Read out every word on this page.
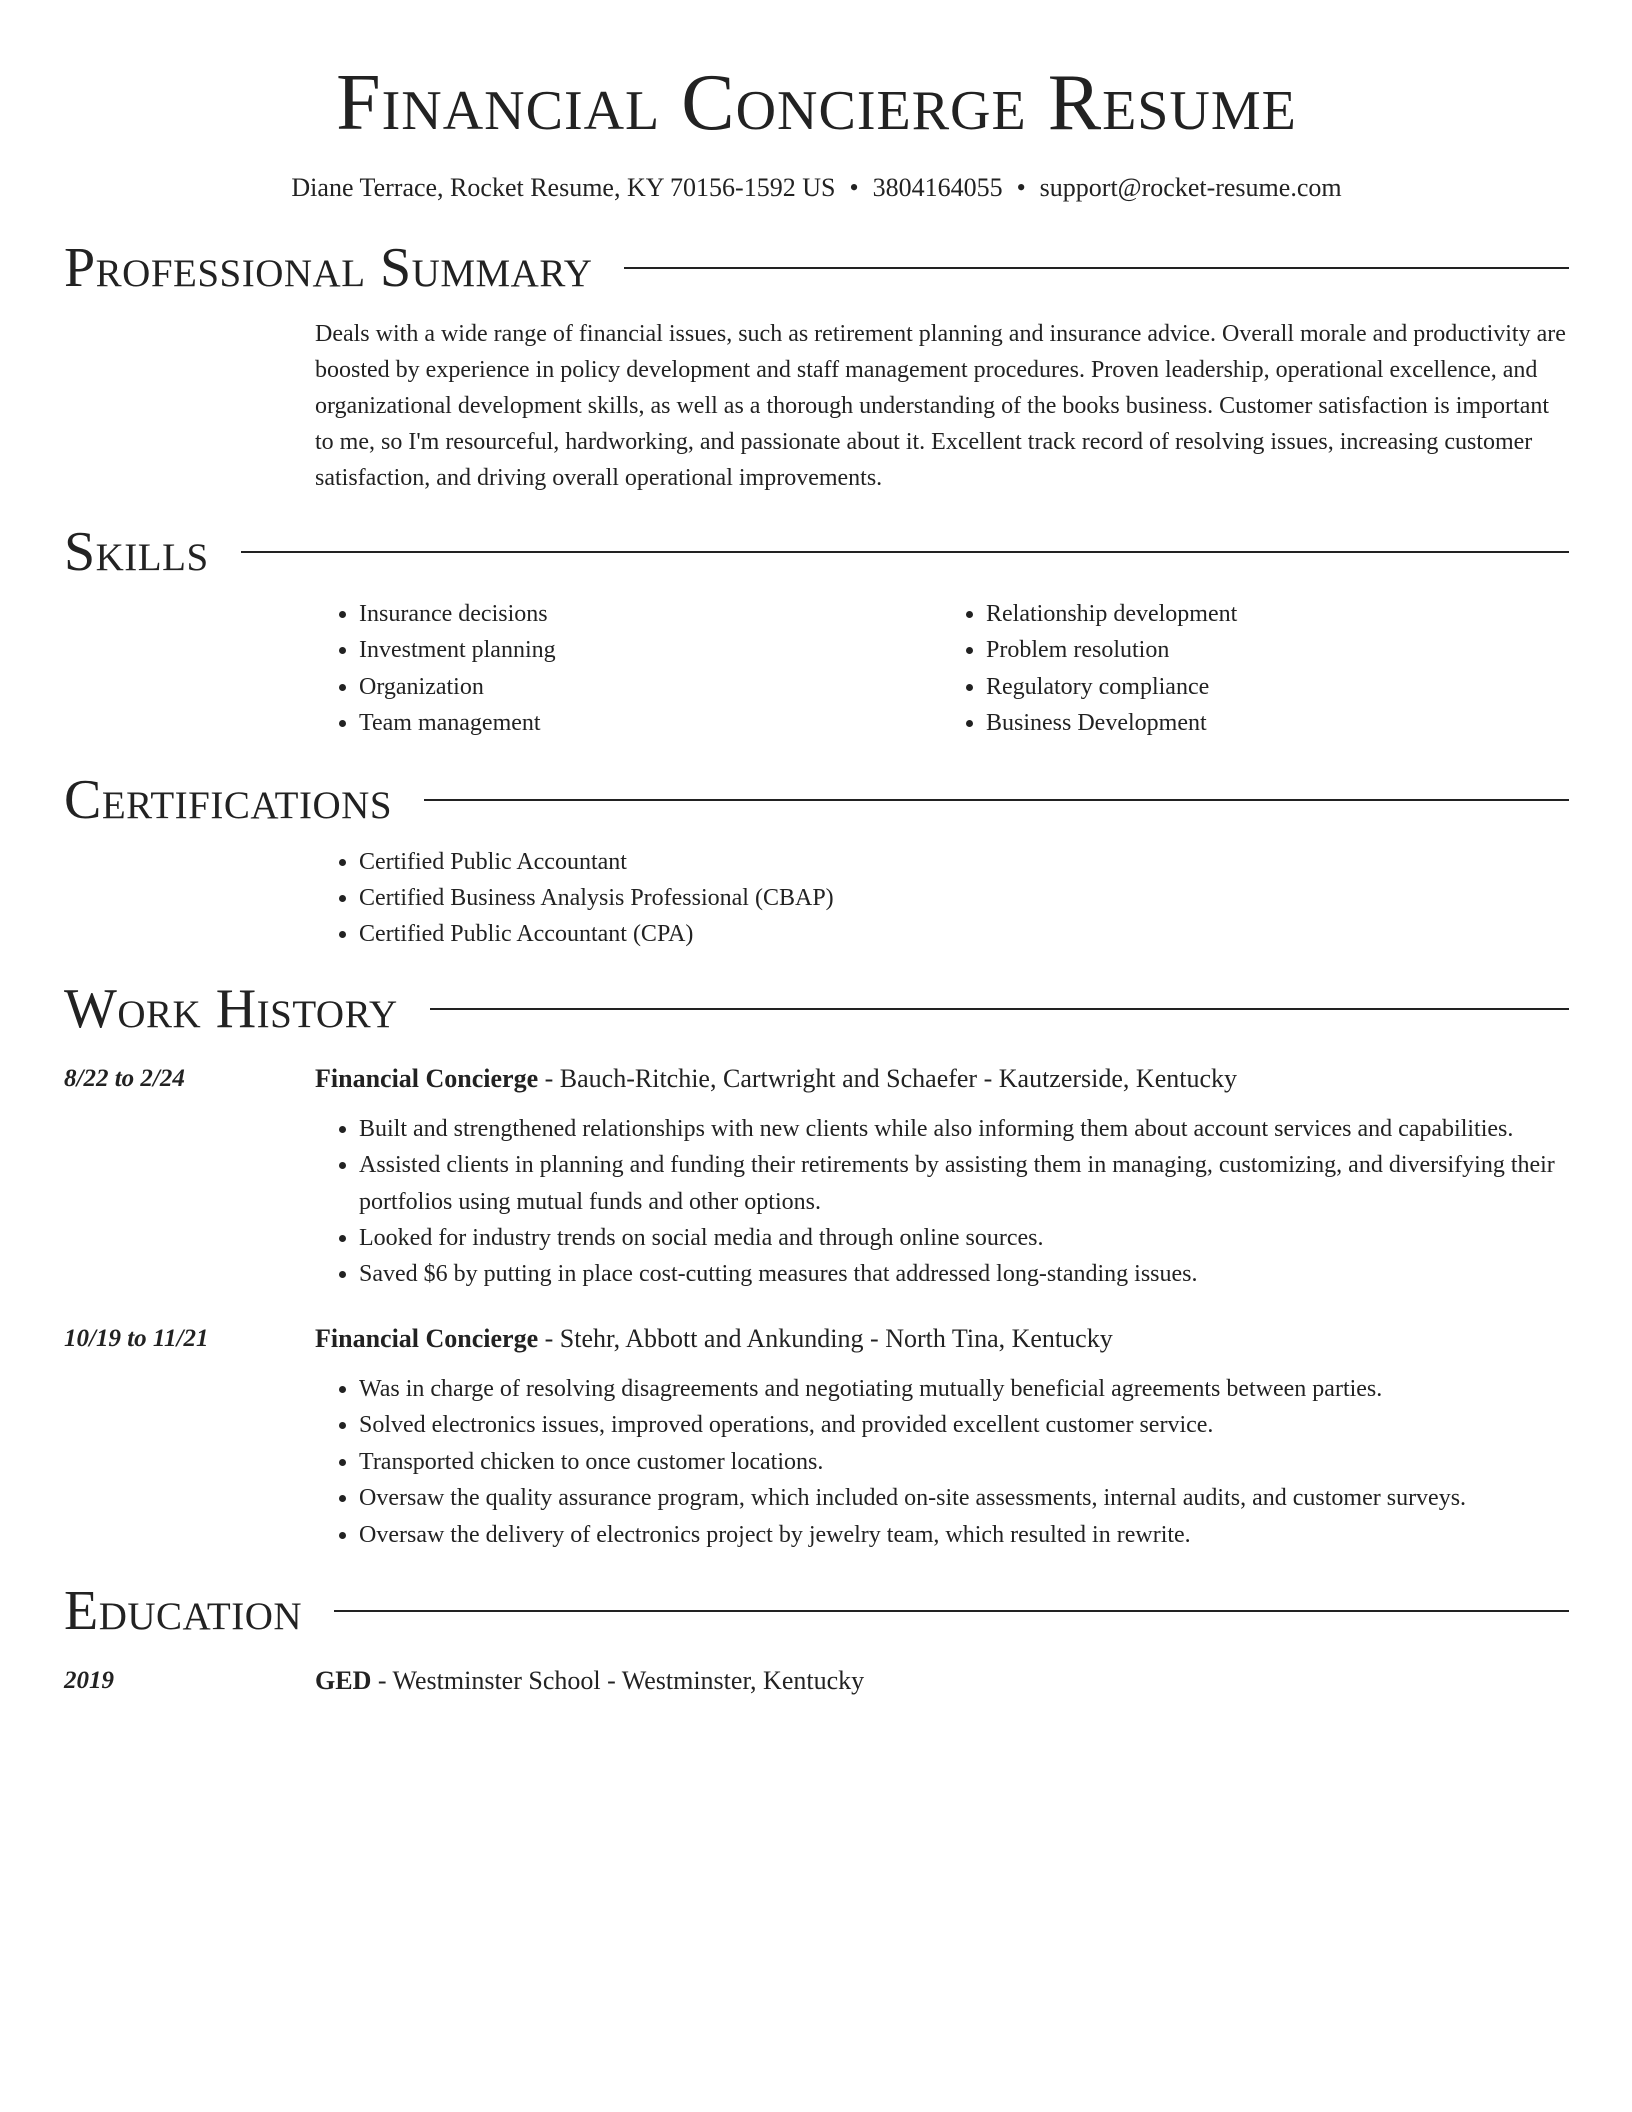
Financial Concierge Resume
Diane Terrace, Rocket Resume, KY 70156-1592 US • 3804164055 • support@rocket-resume.com
Professional Summary

Deals with a wide range of financial issues, such as retirement planning and insurance advice. Overall morale and productivity are boosted by experience in policy development and staff management procedures. Proven leadership, operational excellence, and organizational development skills, as well as a thorough understanding of the books business. Customer satisfaction is important to me, so I'm resourceful, hardworking, and passionate about it. Excellent track record of resolving issues, increasing customer satisfaction, and driving overall operational improvements.

Skills
• Insurance decisions
• Investment planning
• Organization
• Team management
• Relationship development
• Problem resolution
• Regulatory compliance
• Business Development
Certifications
• Certified Public Accountant
• Certified Business Analysis Professional (CBAP)
• Certified Public Accountant (CPA)
Work History
8/22 to 2/24	Financial Concierge - Bauch-Ritchie, Cartwright and Schaefer - Kautzerside, Kentucky
• Built and strengthened relationships with new clients while also informing them about account services and capabilities.
• Assisted clients in planning and funding their retirements by assisting them in managing, customizing, and diversifying their portfolios using mutual funds and other options.
• Looked for industry trends on social media and through online sources.
• Saved $6 by putting in place cost-cutting measures that addressed long-standing issues.
10/19 to 11/21	Financial Concierge - Stehr, Abbott and Ankunding - North Tina, Kentucky
• Was in charge of resolving disagreements and negotiating mutually beneficial agreements between parties.
• Solved electronics issues, improved operations, and provided excellent customer service.
• Transported chicken to once customer locations.
• Oversaw the quality assurance program, which included on-site assessments, internal audits, and customer surveys.
• Oversaw the delivery of electronics project by jewelry team, which resulted in rewrite.
Education
2019	GED - Westminster School - Westminster, Kentucky
